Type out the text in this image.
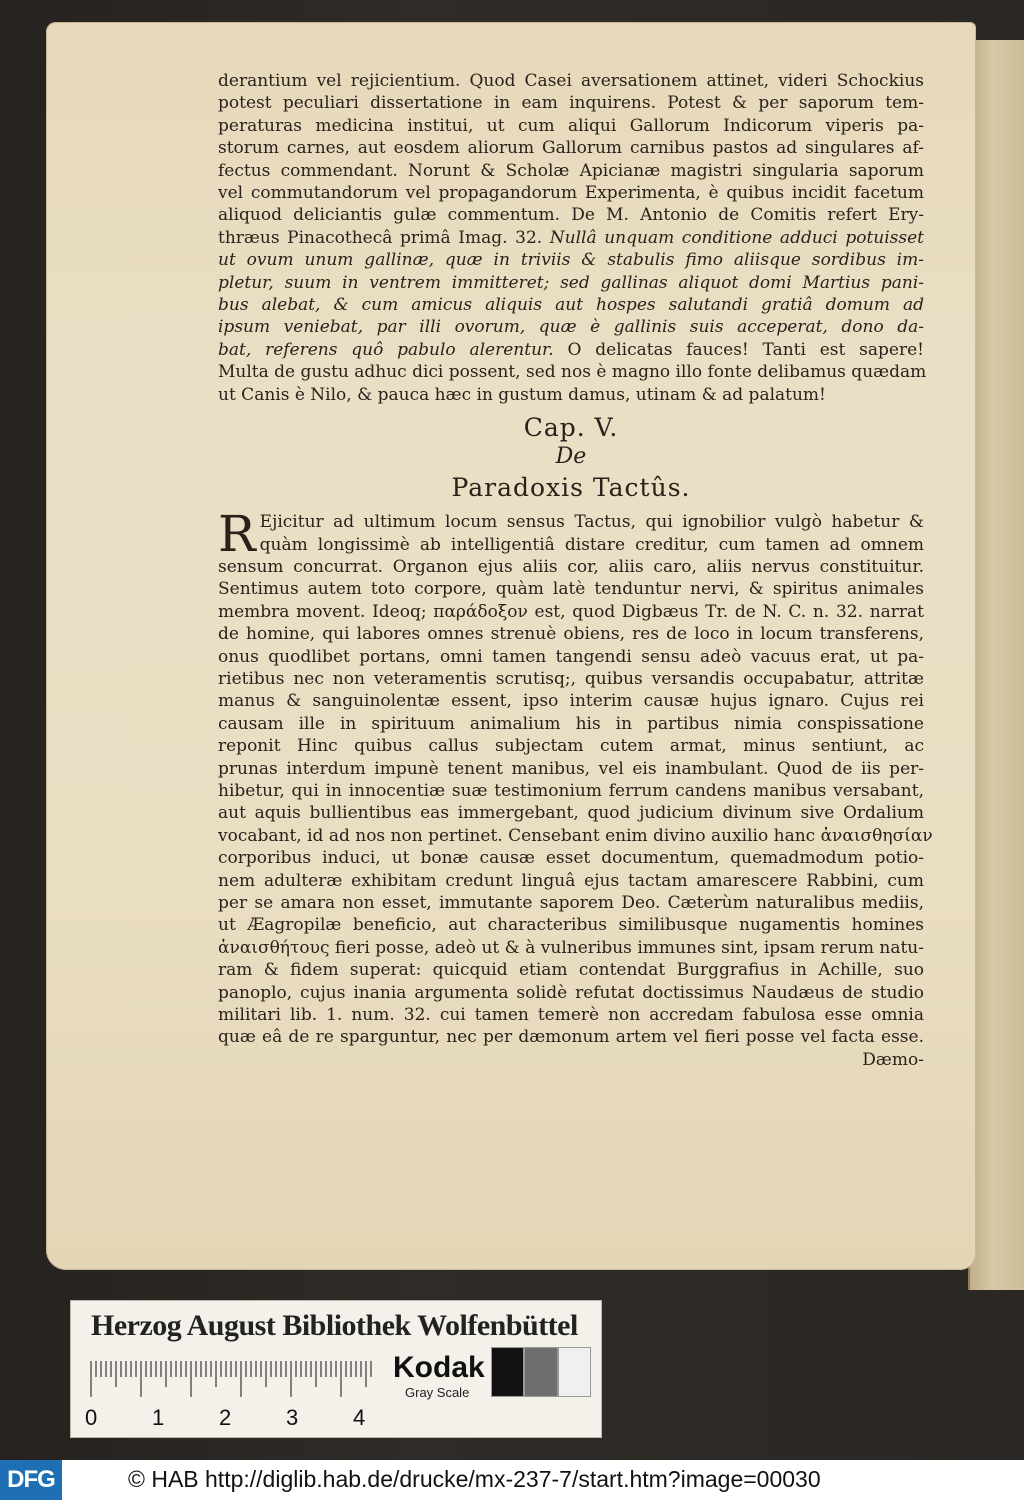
derantium vel rejicientium. Quod Casei aversationem attinet, videri Schockius
potest peculiari dissertatione in eam inquirens. Potest & per saporum tem-
peraturas medicina institui, ut cum aliqui Gallorum Indicorum viperis pa-
storum carnes, aut eosdem aliorum Gallorum carnibus pastos ad singulares af-
fectus commendant. Norunt & Scholæ Apicianæ magistri singularia saporum
vel commutandorum vel propagandorum Experimenta, è quibus incidit facetum
aliquod deliciantis gulæ commentum. De M. Antonio de Comitis refert Ery-
thræus Pinacothecâ primâ Imag. 32. Nullâ unquam conditione adduci potuisset
ut ovum unum gallinæ, quæ in triviis & stabulis fimo aliisque sordibus im-
pletur, suum in ventrem immitteret; sed gallinas aliquot domi Martius pani-
bus alebat, & cum amicus aliquis aut hospes salutandi gratiâ domum ad
ipsum veniebat, par illi ovorum, quæ è gallinis suis acceperat, dono da-
bat, referens quô pabulo alerentur. O delicatas fauces! Tanti est sapere!
Multa de gustu adhuc dici possent, sed nos è magno illo fonte delibamus quædam
ut Canis è Nilo, & pauca hæc in gustum damus, utinam & ad palatum!
Cap. V.
De
Paradoxis Tactûs.
R Ejicitur ad ultimum locum sensus Tactus, qui ignobilior vulgò habetur &
quàm longissimè ab intelligentiâ distare creditur, cum tamen ad omnem
sensum concurrat. Organon ejus aliis cor, aliis caro, aliis nervus constituitur.
Sentimus autem toto corpore, quàm latè tenduntur nervi, & spiritus animales
membra movent. Ideoq; παράδοξον est, quod Digbæus Tr. de N. C. n. 32. narrat
de homine, qui labores omnes strenuè obiens, res de loco in locum transferens,
onus quodlibet portans, omni tamen tangendi sensu adeò vacuus erat, ut pa-
rietibus nec non veteramentis scrutisq;, quibus versandis occupabatur, attritæ
manus & sanguinolentæ essent, ipso interim causæ hujus ignaro. Cujus rei
causam ille in spirituum animalium his in partibus nimia conspissatione
reponit Hinc quibus callus subjectam cutem armat, minus sentiunt, ac
prunas interdum impunè tenent manibus, vel eis inambulant. Quod de iis per-
hibetur, qui in innocentiæ suæ testimonium ferrum candens manibus versabant,
aut aquis bullientibus eas immergebant, quod judicium divinum sive Ordalium
vocabant, id ad nos non pertinet. Censebant enim divino auxilio hanc ἀναισθησίαν
corporibus induci, ut bonæ causæ esset documentum, quemadmodum potio-
nem adulteræ exhibitam credunt linguâ ejus tactam amarescere Rabbini, cum
per se amara non esset, immutante saporem Deo. Cæterùm naturalibus mediis,
ut Æagropilæ beneficio, aut characteribus similibusque nugamentis homines
ἀναισθήτους fieri posse, adeò ut & à vulneribus immunes sint, ipsam rerum natu-
ram & fidem superat: quicquid etiam contendat Burggrafius in Achille, suo
panoplo, cujus inania argumenta solidè refutat doctissimus Naudæus de studio
militari lib. 1. num. 32. cui tamen temerè non accredam fabulosa esse omnia
quæ eâ de re sparguntur, nec per dæmonum artem vel fieri posse vel facta esse.
Dæmo-
Herzog August Bibliothek Wolfenbüttel
0 1 2 3 4
Kodak
Gray Scale
DFG	© HAB http://diglib.hab.de/drucke/mx-237-7/start.htm?image=00030
